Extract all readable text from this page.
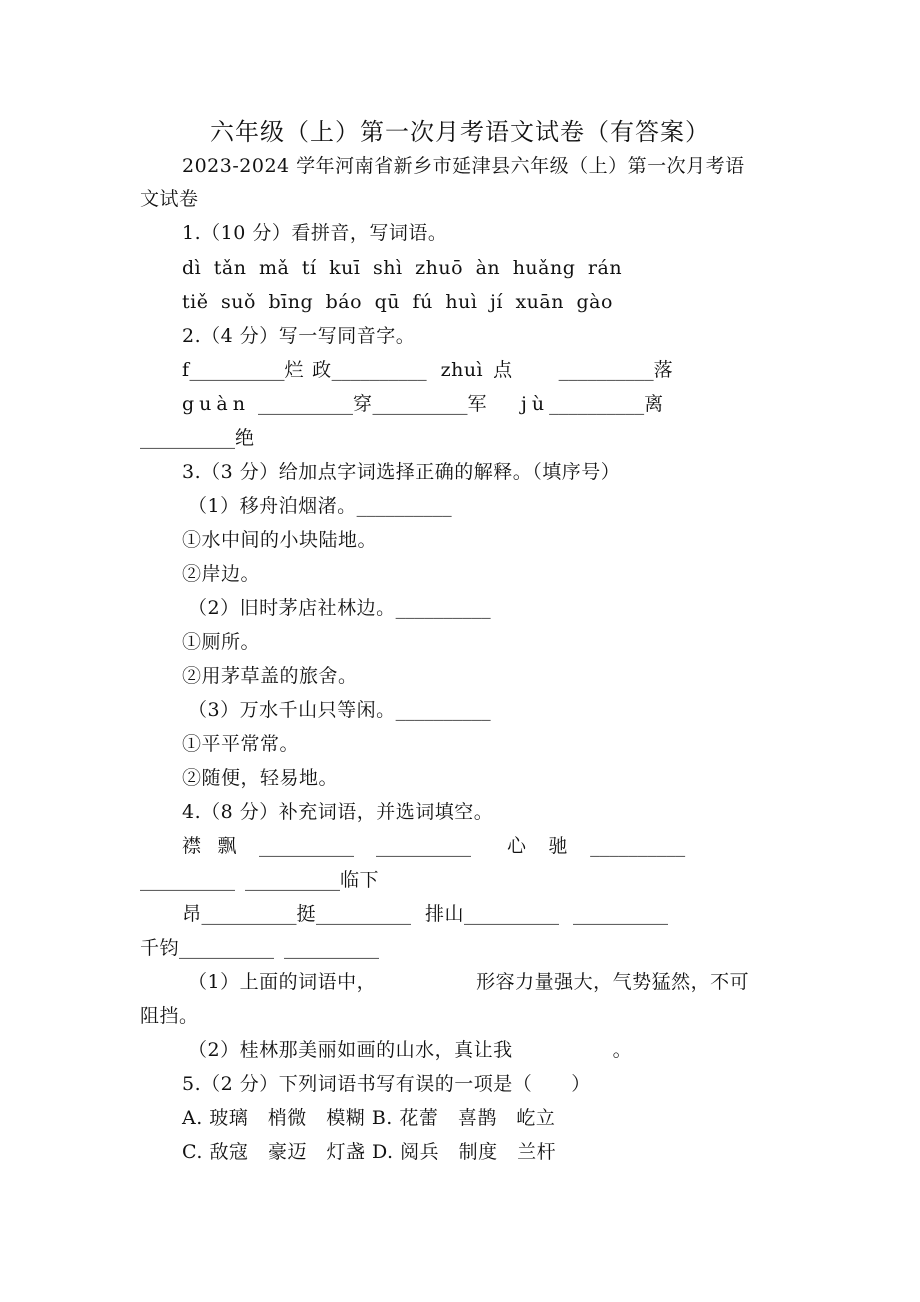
六年级（上）第一次月考语文试卷（有答案）
2023-2024 学年河南省新乡市延津县六年级（上）第一次月考语
文试卷
1.（10 分）看拼音，写词语。
dì tǎn mǎ tí kuī shì zhuō àn huǎng rán
tiě suǒ bīng báo qū fú huì jí xuān gào
2.（4 分）写一写同音字。
f__________烂 政__________ zhuì 点 __________落
guàn __________穿__________军 jù__________离
__________绝
3.（3 分）给加点字词选择正确的解释。（填序号）
（1）移舟泊烟渚。__________
①水中间的小块陆地。
②岸边。
（2）旧时茅店社林边。__________
①厕所。
②用茅草盖的旅舍。
（3）万水千山只等闲。__________
①平平常常。
②随便，轻易地。
4.（8 分）补充词语，并选词填空。
襟 飘 __________ __________ 心 驰 __________
__________ __________临下
昂__________挺__________ 排山__________ __________
千钧__________ __________
（1）上面的词语中，	形容力量强大，气势猛然，不可
阻挡。
（2）桂林那美丽如画的山水，真让我	。
5.（2 分）下列词语书写有误的一项是（　　）
A. 玻璃　梢微　模糊 B. 花蕾　喜鹊　屹立
C. 敌寇　豪迈　灯盏 D. 阅兵　制度　兰杆
